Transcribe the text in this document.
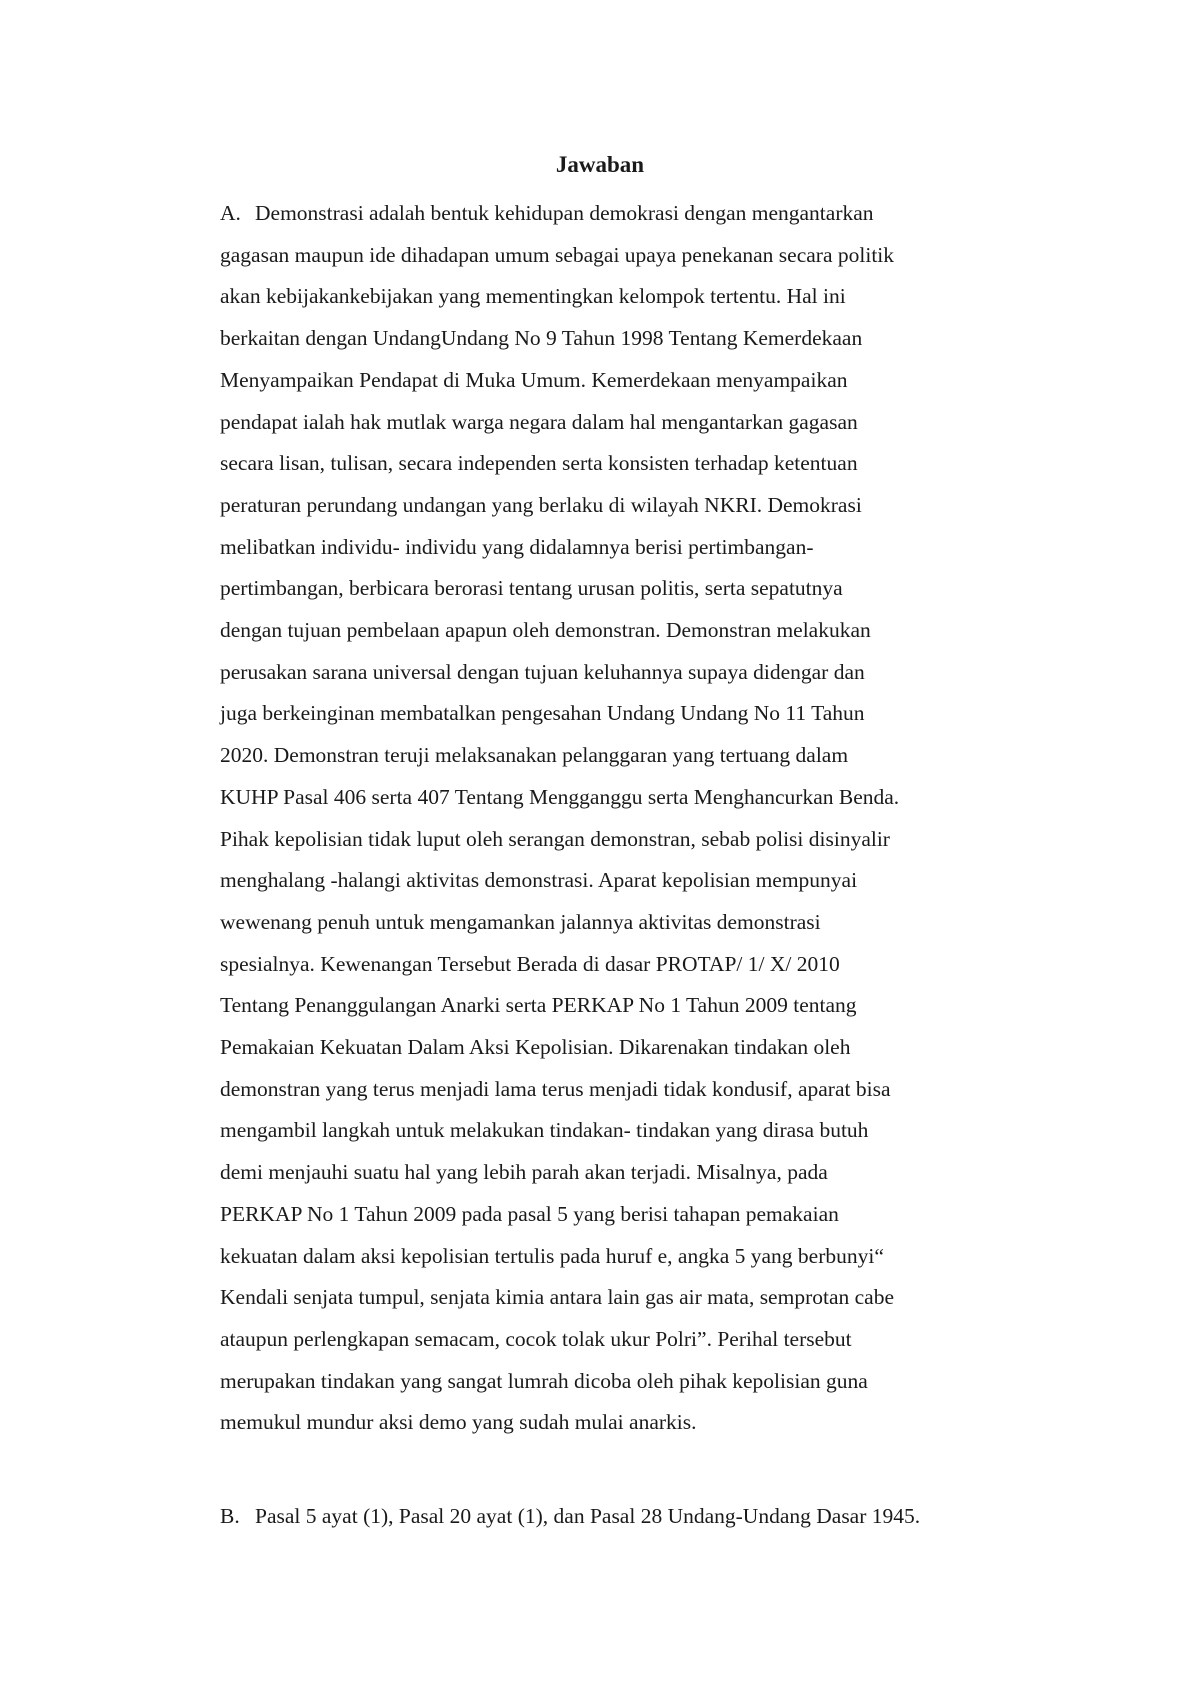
Jawaban

A. Demonstrasi adalah bentuk kehidupan demokrasi dengan mengantarkan
gagasan maupun ide dihadapan umum sebagai upaya penekanan secara politik
akan kebijakankebijakan yang mementingkan kelompok tertentu. Hal ini
berkaitan dengan UndangUndang No 9 Tahun 1998 Tentang Kemerdekaan
Menyampaikan Pendapat di Muka Umum. Kemerdekaan menyampaikan
pendapat ialah hak mutlak warga negara dalam hal mengantarkan gagasan
secara lisan, tulisan, secara independen serta konsisten terhadap ketentuan
peraturan perundang undangan yang berlaku di wilayah NKRI. Demokrasi
melibatkan individu- individu yang didalamnya berisi pertimbangan-
pertimbangan, berbicara berorasi tentang urusan politis, serta sepatutnya
dengan tujuan pembelaan apapun oleh demonstran. Demonstran melakukan
perusakan sarana universal dengan tujuan keluhannya supaya didengar dan
juga berkeinginan membatalkan pengesahan Undang Undang No 11 Tahun
2020. Demonstran teruji melaksanakan pelanggaran yang tertuang dalam
KUHP Pasal 406 serta 407 Tentang Mengganggu serta Menghancurkan Benda.
Pihak kepolisian tidak luput oleh serangan demonstran, sebab polisi disinyalir
menghalang -halangi aktivitas demonstrasi. Aparat kepolisian mempunyai
wewenang penuh untuk mengamankan jalannya aktivitas demonstrasi
spesialnya. Kewenangan Tersebut Berada di dasar PROTAP/ 1/ X/ 2010
Tentang Penanggulangan Anarki serta PERKAP No 1 Tahun 2009 tentang
Pemakaian Kekuatan Dalam Aksi Kepolisian. Dikarenakan tindakan oleh
demonstran yang terus menjadi lama terus menjadi tidak kondusif, aparat bisa
mengambil langkah untuk melakukan tindakan- tindakan yang dirasa butuh
demi menjauhi suatu hal yang lebih parah akan terjadi. Misalnya, pada
PERKAP No 1 Tahun 2009 pada pasal 5 yang berisi tahapan pemakaian
kekuatan dalam aksi kepolisian tertulis pada huruf e, angka 5 yang berbunyi“
Kendali senjata tumpul, senjata kimia antara lain gas air mata, semprotan cabe
ataupun perlengkapan semacam, cocok tolak ukur Polri”. Perihal tersebut
merupakan tindakan yang sangat lumrah dicoba oleh pihak kepolisian guna
memukul mundur aksi demo yang sudah mulai anarkis.

B. Pasal 5 ayat (1), Pasal 20 ayat (1), dan Pasal 28 Undang-Undang Dasar 1945.
